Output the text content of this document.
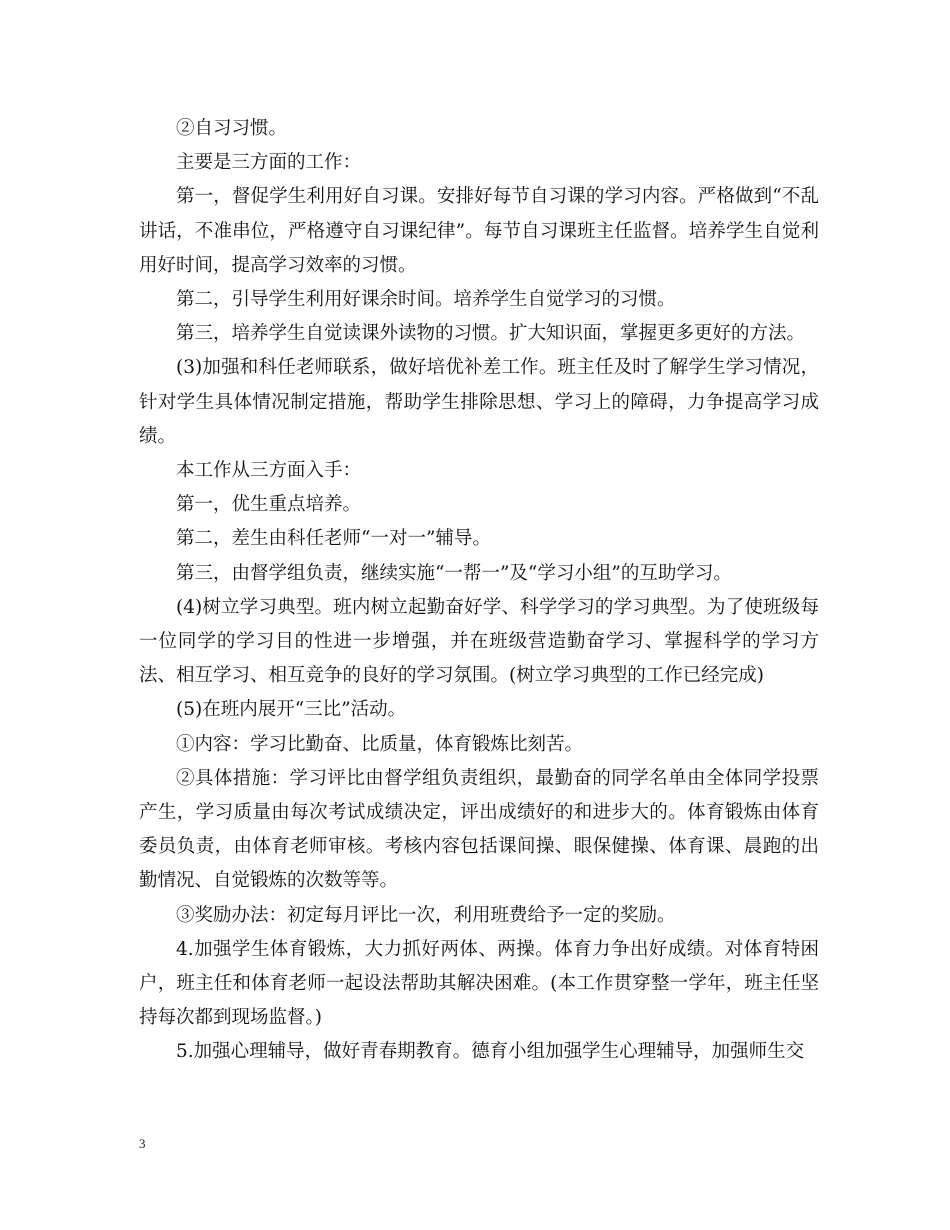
②自习习惯。

主要是三方面的工作：

第一，督促学生利用好自习课。安排好每节自习课的学习内容。严格做到“不乱讲话，不准串位，严格遵守自习课纪律”。每节自习课班主任监督。培养学生自觉利用好时间，提高学习效率的习惯。

第二，引导学生利用好课余时间。培养学生自觉学习的习惯。

第三，培养学生自觉读课外读物的习惯。扩大知识面，掌握更多更好的方法。

(3)加强和科任老师联系，做好培优补差工作。班主任及时了解学生学习情况，针对学生具体情况制定措施，帮助学生排除思想、学习上的障碍，力争提高学习成绩。

本工作从三方面入手：

第一，优生重点培养。

第二，差生由科任老师“一对一”辅导。

第三，由督学组负责，继续实施“一帮一”及“学习小组”的互助学习。

(4)树立学习典型。班内树立起勤奋好学、科学学习的学习典型。为了使班级每一位同学的学习目的性进一步增强，并在班级营造勤奋学习、掌握科学的学习方法、相互学习、相互竞争的良好的学习氛围。(树立学习典型的工作已经完成)

(5)在班内展开“三比”活动。

①内容：学习比勤奋、比质量，体育锻炼比刻苦。

②具体措施：学习评比由督学组负责组织，最勤奋的同学名单由全体同学投票产生，学习质量由每次考试成绩决定，评出成绩好的和进步大的。体育锻炼由体育委员负责，由体育老师审核。考核内容包括课间操、眼保健操、体育课、晨跑的出勤情况、自觉锻炼的次数等等。

③奖励办法：初定每月评比一次，利用班费给予一定的奖励。

4.加强学生体育锻炼，大力抓好两体、两操。体育力争出好成绩。对体育特困户，班主任和体育老师一起设法帮助其解决困难。(本工作贯穿整一学年，班主任坚持每次都到现场监督。)

5.加强心理辅导，做好青春期教育。德育小组加强学生心理辅导，加强师生交

3
